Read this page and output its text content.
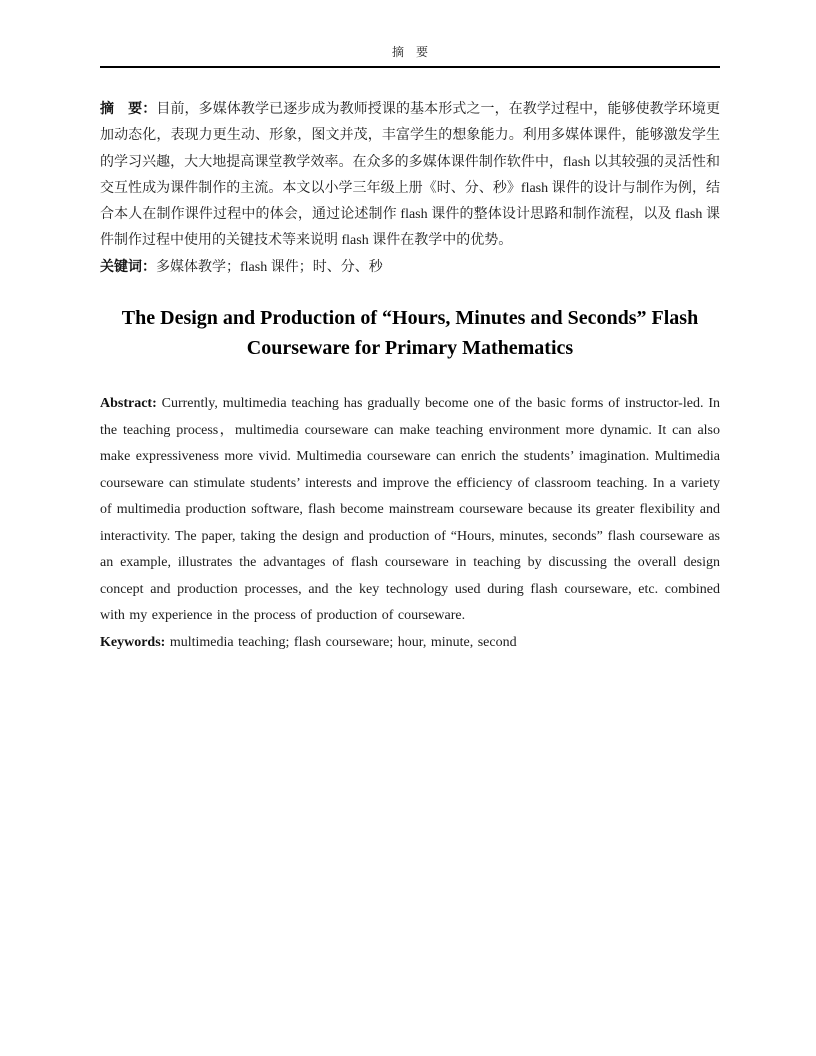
摘 要

摘 要：目前，多媒体教学已逐步成为教师授课的基本形式之一，在教学过程中，能够使教学环境更加动态化，表现力更生动、形象，图文并茂，丰富学生的想象能力。利用多媒体课件，能够激发学生的学习兴趣，大大地提高课堂教学效率。在众多的多媒体课件制作软件中，flash 以其较强的灵活性和交互性成为课件制作的主流。本文以小学三年级上册《时、分、秒》flash 课件的设计与制作为例，结合本人在制作课件过程中的体会，通过论述制作 flash 课件的整体设计思路和制作流程，以及 flash 课件制作过程中使用的关键技术等来说明 flash 课件在教学中的优势。

关键词：多媒体教学；flash 课件；时、分、秒

The Design and Production of “Hours, Minutes and Seconds” Flash
Courseware for Primary Mathematics

Abstract: Currently, multimedia teaching has gradually become one of the basic forms of instructor-led. In the teaching process，multimedia courseware can make teaching environment more dynamic. It can also make expressiveness more vivid. Multimedia courseware can enrich the students’ imagination. Multimedia courseware can stimulate students’ interests and improve the efficiency of classroom teaching. In a variety of multimedia production software, flash become mainstream courseware because its greater flexibility and interactivity. The paper, taking the design and production of “Hours, minutes, seconds” flash courseware as an example, illustrates the advantages of flash courseware in teaching by discussing the overall design concept and production processes, and the key technology used during flash courseware, etc. combined with my experience in the process of production of courseware.

Keywords: multimedia teaching; flash courseware; hour, minute, second
